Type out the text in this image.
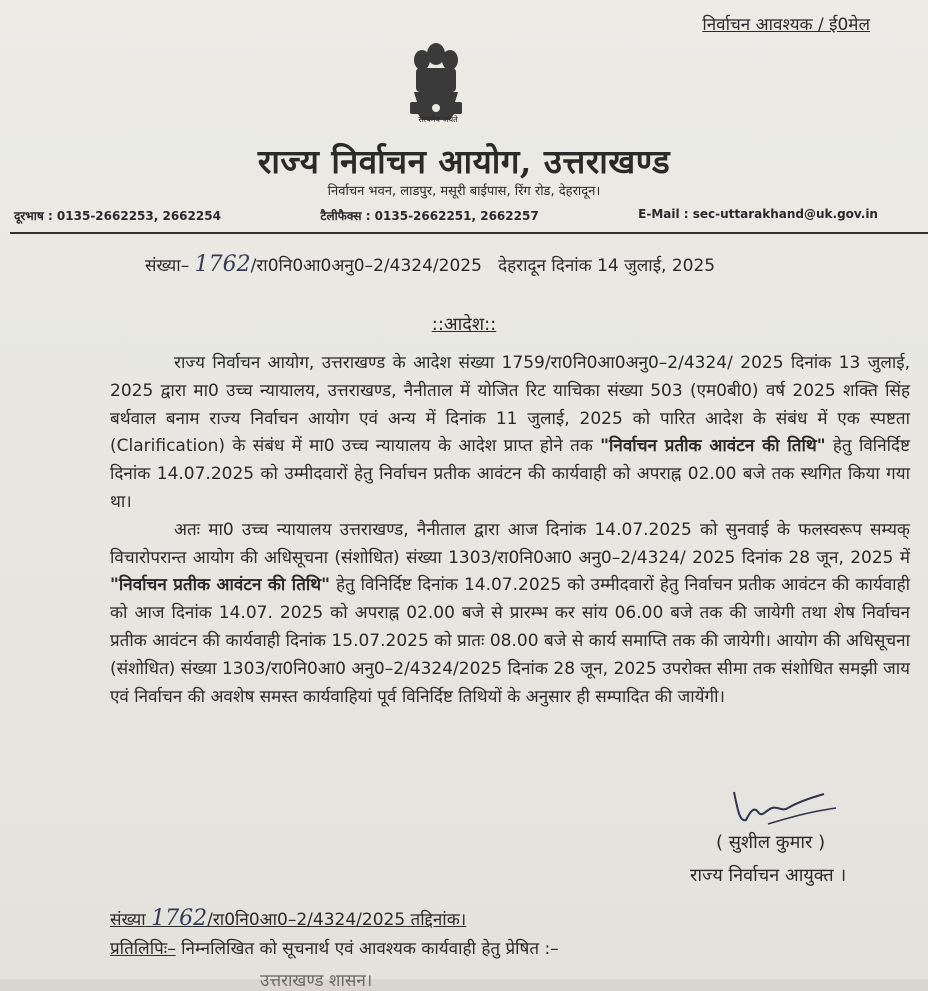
निर्वाचन आवश्यक / ई0मेल
सत्यमेव जयते
राज्य निर्वाचन आयोग, उत्तराखण्ड
निर्वाचन भवन, लाडपुर, मसूरी बाईपास, रिंग रोड, देहरादून।
दूरभाष : 0135-2662253, 2662254	टैलीफैक्स : 0135-2662251, 2662257	E-Mail : sec-uttarakhand@uk.gov.in
संख्या– 1762/रा0नि0आ0अनु0–2/4324/2025 देहरादून दिनांक 14 जुलाई, 2025
::आदेश::

राज्य निर्वाचन आयोग, उत्तराखण्ड के आदेश संख्या 1759/रा0नि0आ0अनु0–2/4324/ 2025 दिनांक 13 जुलाई, 2025 द्वारा मा0 उच्च न्यायालय, उत्तराखण्ड, नैनीताल में योजित रिट याचिका संख्या 503 (एम0बी0) वर्ष 2025 शक्ति सिंह बर्थवाल बनाम राज्य निर्वाचन आयोग एवं अन्य में दिनांक 11 जुलाई, 2025 को पारित आदेश के संबंध में एक स्पष्टता (Clarification) के संबंध में मा0 उच्च न्यायालय के आदेश प्राप्त होने तक "निर्वाचन प्रतीक आवंटन की तिथि" हेतु विनिर्दिष्ट दिनांक 14.07.2025 को उम्मीदवारों हेतु निर्वाचन प्रतीक आवंटन की कार्यवाही को अपराह्न 02.00 बजे तक स्थगित किया गया था।

अतः मा0 उच्च न्यायालय उत्तराखण्ड, नैनीताल द्वारा आज दिनांक 14.07.2025 को सुनवाई के फलस्वरूप सम्यक् विचारोपरान्त आयोग की अधिसूचना (संशोधित) संख्या 1303/रा0नि0आ0 अनु0–2/4324/ 2025 दिनांक 28 जून, 2025 में "निर्वाचन प्रतीक आवंटन की तिथि" हेतु विनिर्दिष्ट दिनांक 14.07.2025 को उम्मीदवारों हेतु निर्वाचन प्रतीक आवंटन की कार्यवाही को आज दिनांक 14.07. 2025 को अपराह्न 02.00 बजे से प्रारम्भ कर सांय 06.00 बजे तक की जायेगी तथा शेष निर्वाचन प्रतीक आवंटन की कार्यवाही दिनांक 15.07.2025 को प्रातः 08.00 बजे से कार्य समाप्ति तक की जायेगी। आयोग की अधिसूचना (संशोधित) संख्या 1303/रा0नि0आ0 अनु0–2/4324/2025 दिनांक 28 जून, 2025 उपरोक्त सीमा तक संशोधित समझी जाय एवं निर्वाचन की अवशेष समस्त कार्यवाहियां पूर्व विनिर्दिष्ट तिथियों के अनुसार ही सम्पादित की जायेंगी।

( सुशील कुमार )
राज्य निर्वाचन आयुक्त ।
संख्या 1762/रा0नि0आ0–2/4324/2025 तद्दिनांक।
प्रतिलिपिः– निम्नलिखित को सूचनार्थ एवं आवश्यक कार्यवाही हेतु प्रेषित :–
उत्तराखण्ड शासन।
